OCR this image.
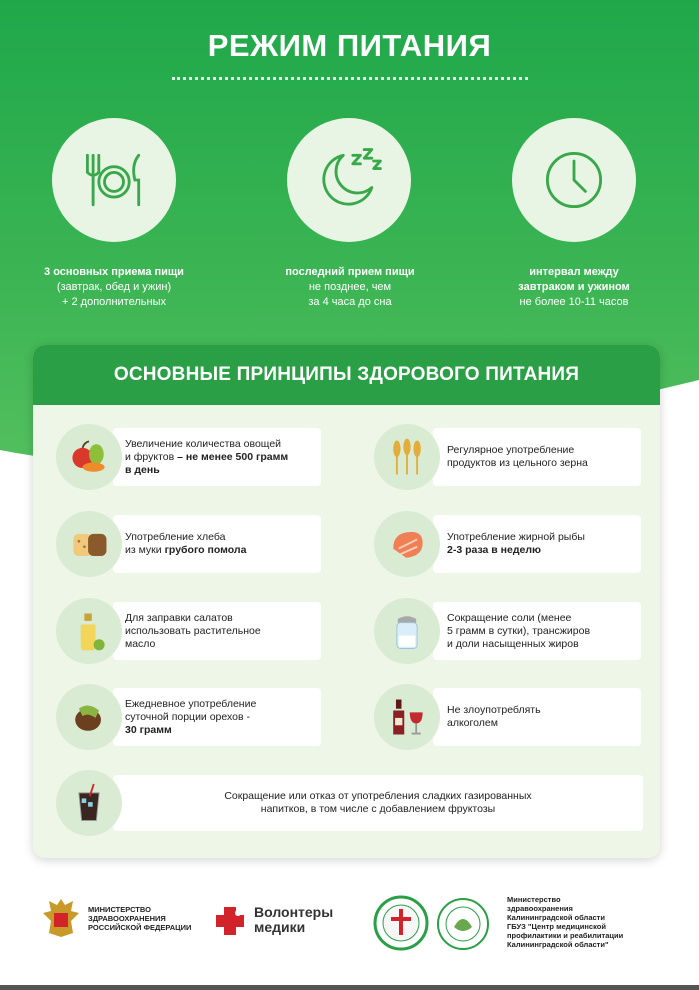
РЕЖИМ ПИТАНИЯ
3 основных приема пищи
(завтрак, обед и ужин)
+ 2 дополнительных
последний прием пищи
не позднее, чем
за 4 часа до сна
интервал между
завтраком и ужином
не более 10-11 часов
ОСНОВНЫЕ ПРИНЦИПЫ ЗДОРОВОГО ПИТАНИЯ
Увеличение количества овощей
и фруктов – не менее 500 грамм
в день
Регулярное употребление
продуктов из цельного зерна
Употребление хлеба
из муки грубого помола
Употребление жирной рыбы
2-3 раза в неделю
Для заправки салатов
использовать растительное
масло
Сокращение соли (менее
5 грамм в сутки), трансжиров
и доли насыщенных жиров
Ежедневное употребление
суточной порции орехов -
30 грамм
Не злоупотреблять
алкоголем
Сокращение или отказ от употребления сладких газированных
напитков, в том числе с добавлением фруктозы
МИНИСТЕРСТВО
ЗДРАВООХРАНЕНИЯ
РОССИЙСКОЙ ФЕДЕРАЦИИ
Волонтеры
медики
Министерство
здравоохранения
Калининградской области
ГБУЗ "Центр медицинской
профилактики и реабилитации
Калининградской области"
